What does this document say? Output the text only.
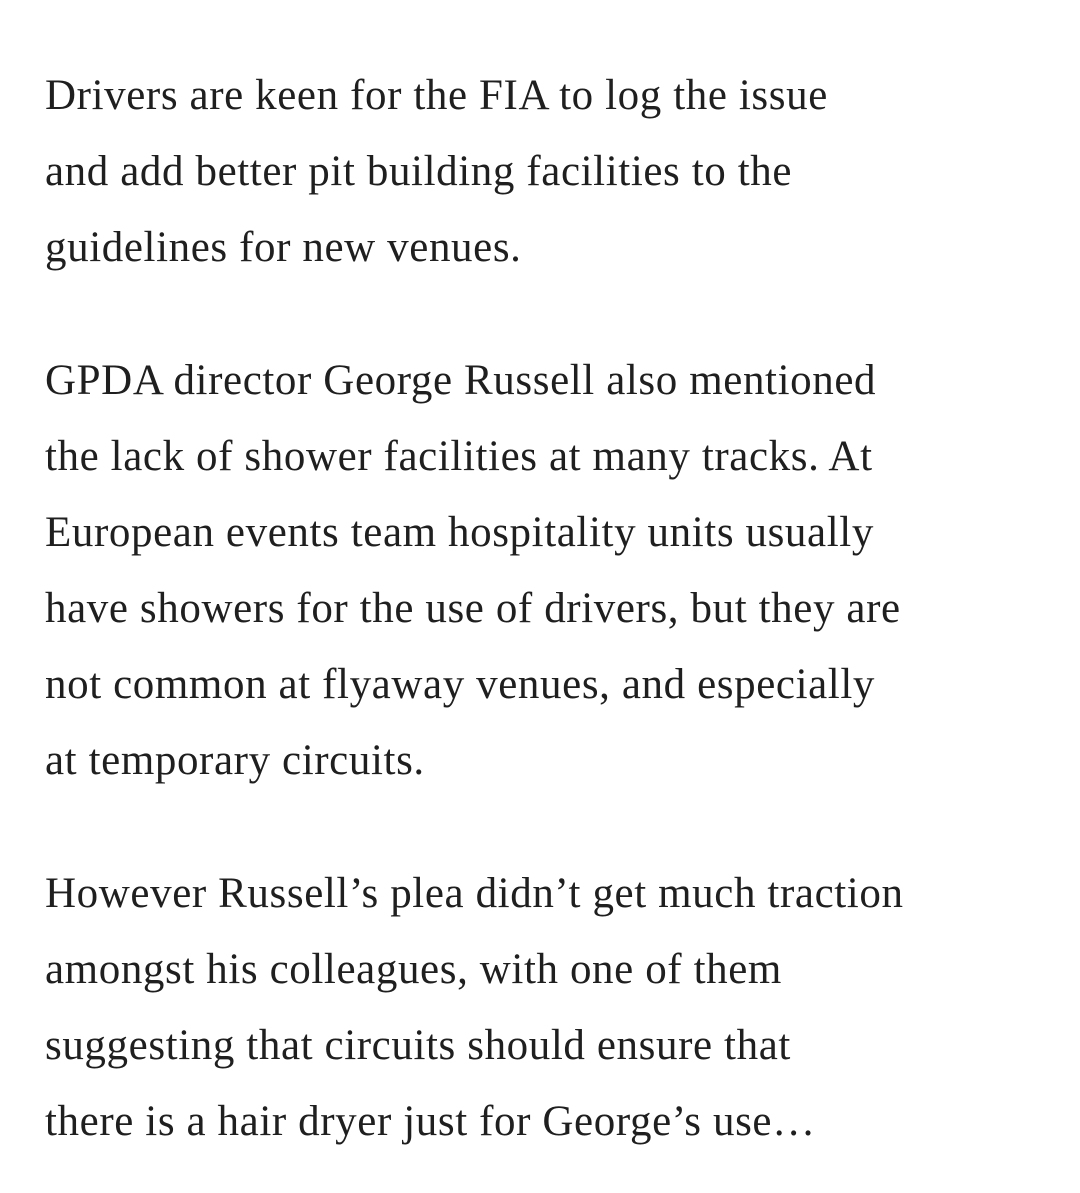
Drivers are keen for the FIA to log the issue
and add better pit building facilities to the
guidelines for new venues.

GPDA director George Russell also mentioned
the lack of shower facilities at many tracks. At
European events team hospitality units usually
have showers for the use of drivers, but they are
not common at flyaway venues, and especially
at temporary circuits.

However Russell’s plea didn’t get much traction
amongst his colleagues, with one of them
suggesting that circuits should ensure that
there is a hair dryer just for George’s use…
